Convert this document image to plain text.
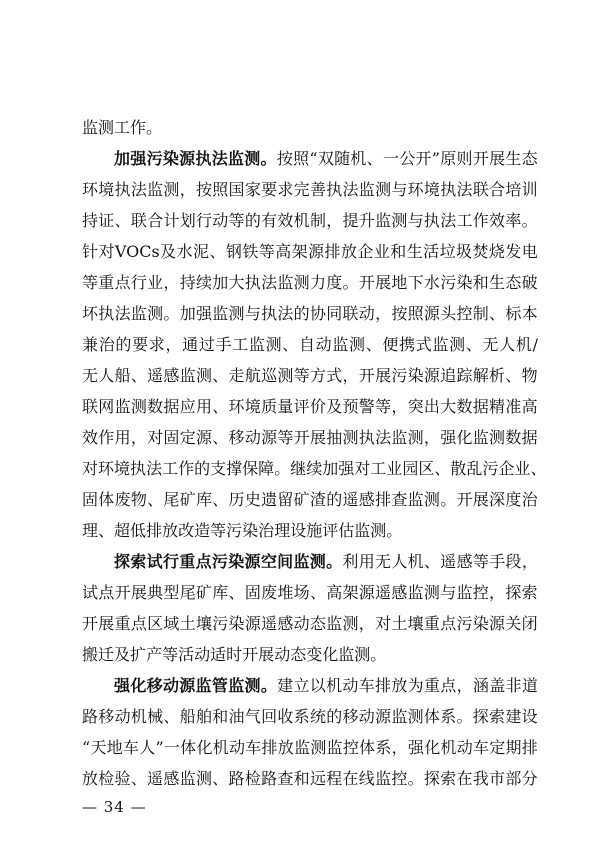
监 测 工 作 。
加 强 污 染 源 执 法 监 测 。 按 照 “ 双 随 机 、 一 公 开 ” 原 则 开 展 生 态
环 境 执 法 监 测 ， 按 照 国 家 要 求 完 善 执 法 监 测 与 环 境 执 法 联 合 培 训
持 证 、 联 合 计 划 行 动 等 的 有 效 机 制 ， 提 升 监 测 与 执 法 工 作 效 率 。
针 对 VOCs 及 水 泥 、 钢 铁 等 高 架 源 排 放 企 业 和 生 活 垃 圾 焚 烧 发 电
等 重 点 行 业 ， 持 续 加 大 执 法 监 测 力 度 。 开 展 地 下 水 污 染 和 生 态 破
坏 执 法 监 测 。 加 强 监 测 与 执 法 的 协 同 联 动 ， 按 照 源 头 控 制 、 标 本
兼 治 的 要 求 ， 通 过 手 工 监 测 、 自 动 监 测 、 便 携 式 监 测 、 无 人 机 /
无 人 船 、 遥 感 监 测 、 走 航 巡 测 等 方 式 ， 开 展 污 染 源 追 踪 解 析 、 物
联 网 监 测 数 据 应 用 、 环 境 质 量 评 价 及 预 警 等 ， 突 出 大 数 据 精 准 高
效 作 用 ， 对 固 定 源 、 移 动 源 等 开 展 抽 测 执 法 监 测 ， 强 化 监 测 数 据
对 环 境 执 法 工 作 的 支 撑 保 障 。 继 续 加 强 对 工 业 园 区 、 散 乱 污 企 业 、
固 体 废 物 、 尾 矿 库 、 历 史 遗 留 矿 渣 的 遥 感 排 查 监 测 。 开 展 深 度 治
理 、 超 低 排 放 改 造 等 污 染 治 理 设 施 评 估 监 测 。
探 索 试 行 重 点 污 染 源 空 间 监 测 。 利 用 无 人 机 、 遥 感 等 手 段 ，
试 点 开 展 典 型 尾 矿 库 、 固 废 堆 场 、 高 架 源 遥 感 监 测 与 监 控 ， 探 索
开 展 重 点 区 域 土 壤 污 染 源 遥 感 动 态 监 测 ， 对 土 壤 重 点 污 染 源 关 闭
搬 迁 及 扩 产 等 活 动 适 时 开 展 动 态 变 化 监 测 。
强 化 移 动 源 监 管 监 测 。 建 立 以 机 动 车 排 放 为 重 点 ， 涵 盖 非 道
路 移 动 机 械 、 船 舶 和 油 气 回 收 系 统 的 移 动 源 监 测 体 系 。 探 索 建 设
“ 天 地 车 人 ” 一 体 化 机 动 车 排 放 监 测 监 控 体 系 ， 强 化 机 动 车 定 期 排
放 检 验 、 遥 感 监 测 、 路 检 路 查 和 远 程 在 线 监 控 。 探 索 在 我 市 部 分
— 34 —
